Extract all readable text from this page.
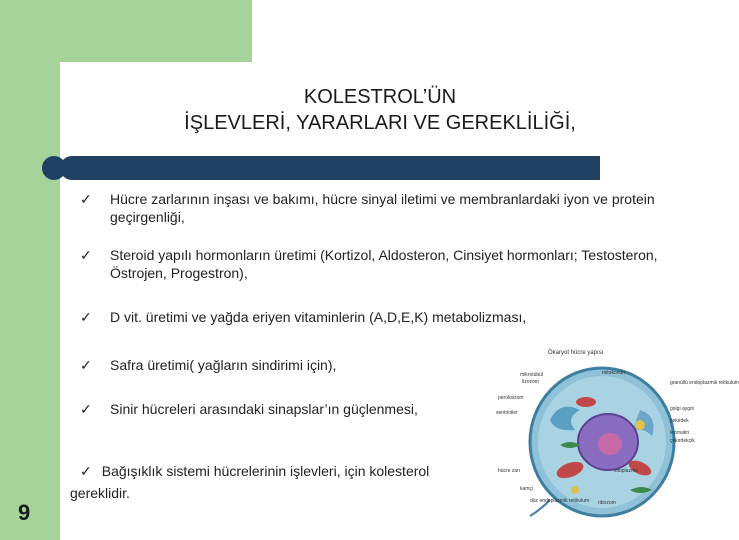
KOLESTROL’ÜN
İŞLEVLERİ, YARARLARI VE GEREKLİLİĞİ,
✓ Hücre zarlarının inşası ve bakımı, hücre sinyal iletimi ve membranlardaki iyon ve protein geçirgenliği,
✓ Steroid yapılı hormonların üretimi (Kortizol, Aldosteron, Cinsiyet hormonları; Testosteron, Östrojen, Progestron),
✓ D vit. üretimi ve yağda eriyen vitaminlerin (A,D,E,K) metabolizması,
✓ Safra üretimi( yağların sindirimi için),
✓ Sinir hücreleri arasındaki sinapslar’ın güçlenmesi,
✓ Bağışıklık sistemi hücrelerinin işlevleri, için kolesterol
gereklidir.
9
Ökaryot hücre yapısı
mikrotübül
lizozom
mitokondri
granüllü endoplazmik retikulum
peroksizom
sentrioller
golgi aygıtı
çekirdek
çekirdekçik
kromatin
hücre zarı	sitoplazma
kamçı
düz endoplazmik retikulum ribozom
